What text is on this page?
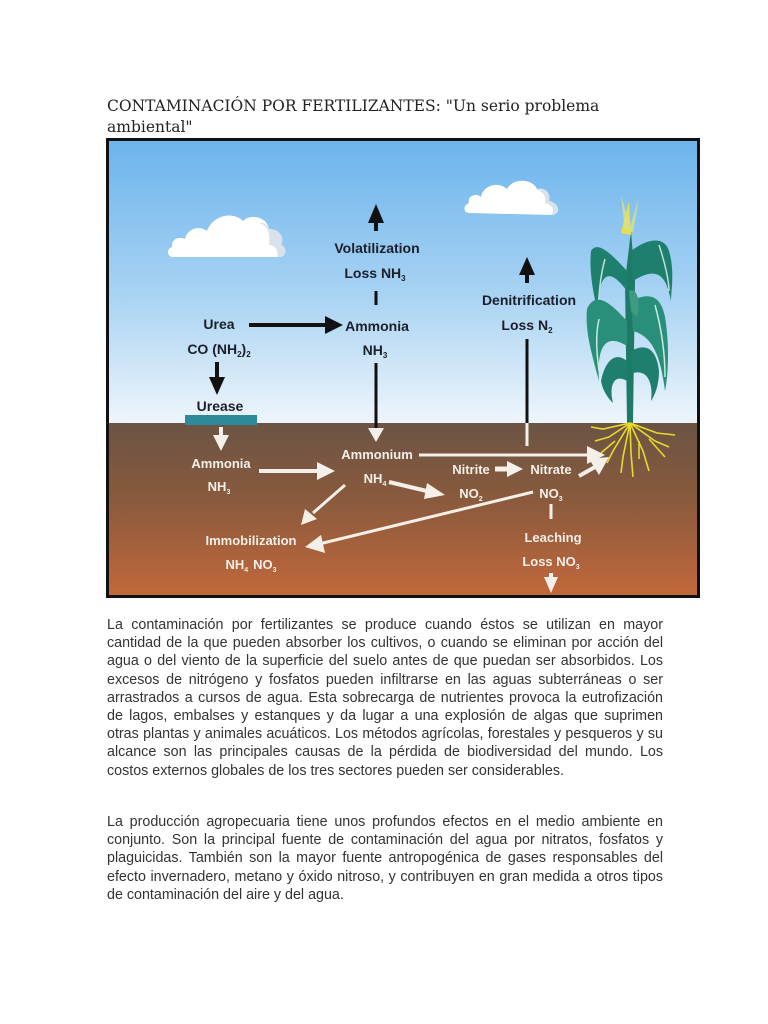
CONTAMINACIÓN POR FERTILIZANTES: "Un serio problema ambiental"
Volatilization
Loss $NH_3$
Urea
CO $(NH_2)_2$
Ammonia
$NH_3$
Denitrification
Loss $N_2$
Urease
Ammonia
$NH_3$
Ammonium
$NH_4$
Nitrite
$NO_2$
Nitrate
$NO_3$
Immobilization
$NH_4$ $NO_3$
Leaching
Loss $NO_3$

La contaminación por fertilizantes se produce cuando éstos se utilizan en mayor cantidad de la que pueden absorber los cultivos, o cuando se eliminan por acción del agua o del viento de la superficie del suelo antes de que puedan ser absorbidos. Los excesos de nitrógeno y fosfatos pueden infiltrarse en las aguas subterráneas o ser arrastrados a cursos de agua. Esta sobrecarga de nutrientes provoca la eutrofización de lagos, embalses y estanques y da lugar a una explosión de algas que suprimen otras plantas y animales acuáticos. Los métodos agrícolas, forestales y pesqueros y su alcance son las principales causas de la pérdida de biodiversidad del mundo. Los costos externos globales de los tres sectores pueden ser considerables.

La producción agropecuaria tiene unos profundos efectos en el medio ambiente en conjunto. Son la principal fuente de contaminación del agua por nitratos, fosfatos y plaguicidas. También son la mayor fuente antropogénica de gases responsables del efecto invernadero, metano y óxido nitroso, y contribuyen en gran medida a otros tipos de contaminación del aire y del agua.
